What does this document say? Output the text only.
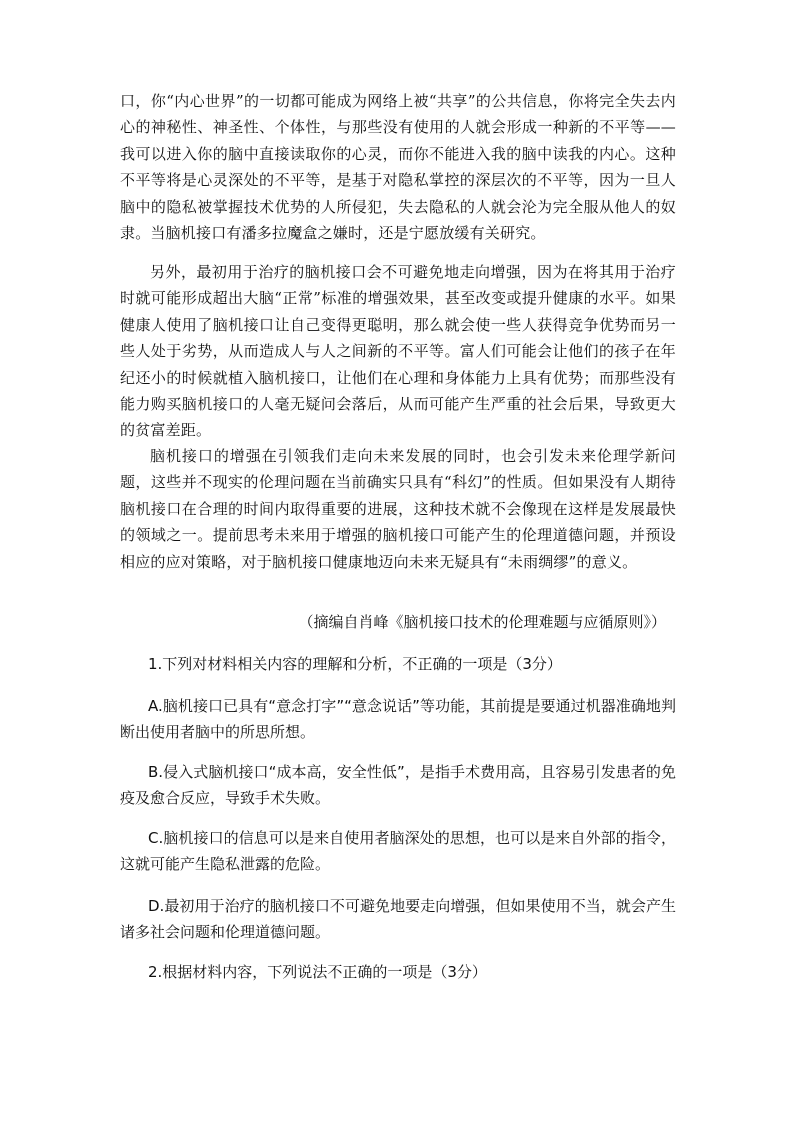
口，你“内心世界”的一切都可能成为网络上被“共享”的公共信息，你将完全失去内心的神秘性、神圣性、个体性，与那些没有使用的人就会形成一种新的不平等——我可以进入你的脑中直接读取你的心灵，而你不能进入我的脑中读我的内心。这种不平等将是心灵深处的不平等，是基于对隐私掌控的深层次的不平等，因为一旦人脑中的隐私被掌握技术优势的人所侵犯，失去隐私的人就会沦为完全服从他人的奴隶。当脑机接口有潘多拉魔盒之嫌时，还是宁愿放缓有关研究。

另外，最初用于治疗的脑机接口会不可避免地走向增强，因为在将其用于治疗时就可能形成超出大脑“正常”标准的增强效果，甚至改变或提升健康的水平。如果健康人使用了脑机接口让自己变得更聪明，那么就会使一些人获得竞争优势而另一些人处于劣势，从而造成人与人之间新的不平等。富人们可能会让他们的孩子在年纪还小的时候就植入脑机接口，让他们在心理和身体能力上具有优势；而那些没有能力购买脑机接口的人毫无疑问会落后，从而可能产生严重的社会后果，导致更大的贫富差距。

脑机接口的增强在引领我们走向未来发展的同时，也会引发未来伦理学新问题，这些并不现实的伦理问题在当前确实只具有“科幻”的性质。但如果没有人期待脑机接口在合理的时间内取得重要的进展，这种技术就不会像现在这样是发展最快的领域之一。提前思考未来用于增强的脑机接口可能产生的伦理道德问题，并预设相应的应对策略，对于脑机接口健康地迈向未来无疑具有“未雨绸缪”的意义。

（摘编自肖峰《脑机接口技术的伦理难题与应循原则》）
1.下列对材料相关内容的理解和分析，不正确的一项是（3分）
A.脑机接口已具有“意念打字”“意念说话”等功能，其前提是要通过机器准确地判断出使用者脑中的所思所想。
B.侵入式脑机接口“成本高，安全性低”，是指手术费用高，且容易引发患者的免疫及愈合反应，导致手术失败。
C.脑机接口的信息可以是来自使用者脑深处的思想，也可以是来自外部的指令，这就可能产生隐私泄露的危险。
D.最初用于治疗的脑机接口不可避免地要走向增强，但如果使用不当，就会产生诸多社会问题和伦理道德问题。
2.根据材料内容，下列说法不正确的一项是（3分）
